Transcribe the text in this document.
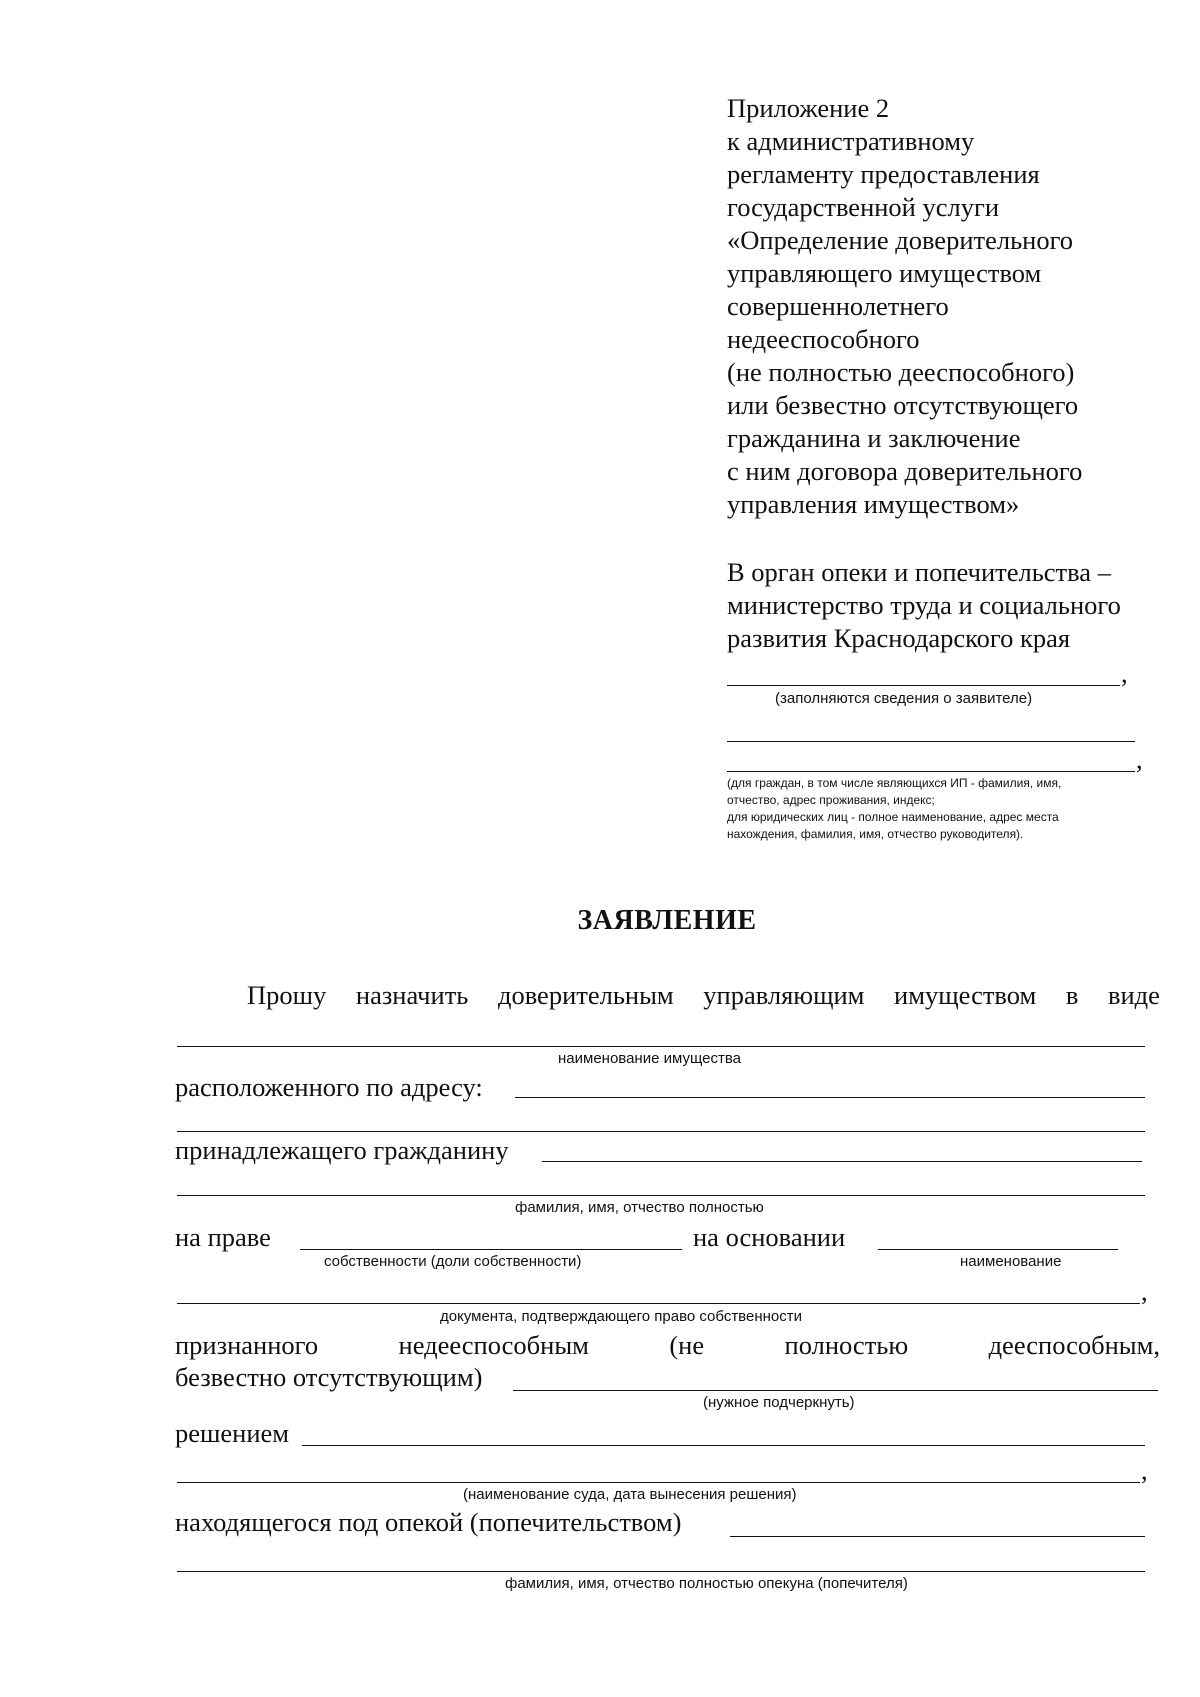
Приложение 2
к административному
регламенту предоставления
государственной услуги
«Определение доверительного
управляющего имуществом
совершеннолетнего
недееспособного
(не полностью дееспособного)
или безвестно отсутствующего
гражданина и заключение
с ним договора доверительного
управления имуществом»
В орган опеки и попечительства –
министерство труда и социального
развития Краснодарского края
,
(заполняются сведения о заявителе)
,
(для граждан, в том числе являющихся ИП - фамилия, имя,
отчество, адрес проживания, индекс;
для юридических лиц - полное наименование, адрес места
нахождения, фамилия, имя, отчество руководителя).
ЗАЯВЛЕНИЕ
Прошу назначить доверительным управляющим имуществом в виде
наименование имущества
расположенного по адресу:
принадлежащего гражданину
фамилия, имя, отчество полностью
на праве	на основании
собственности (доли собственности)	наименование
,
документа, подтверждающего право собственности
признанного	недееспособным	(не	полностью	дееспособным,
безвестно отсутствующим)
(нужное подчеркнуть)
решением
,
(наименование суда, дата вынесения решения)
находящегося под опекой (попечительством)
фамилия, имя, отчество полностью опекуна (попечителя)
